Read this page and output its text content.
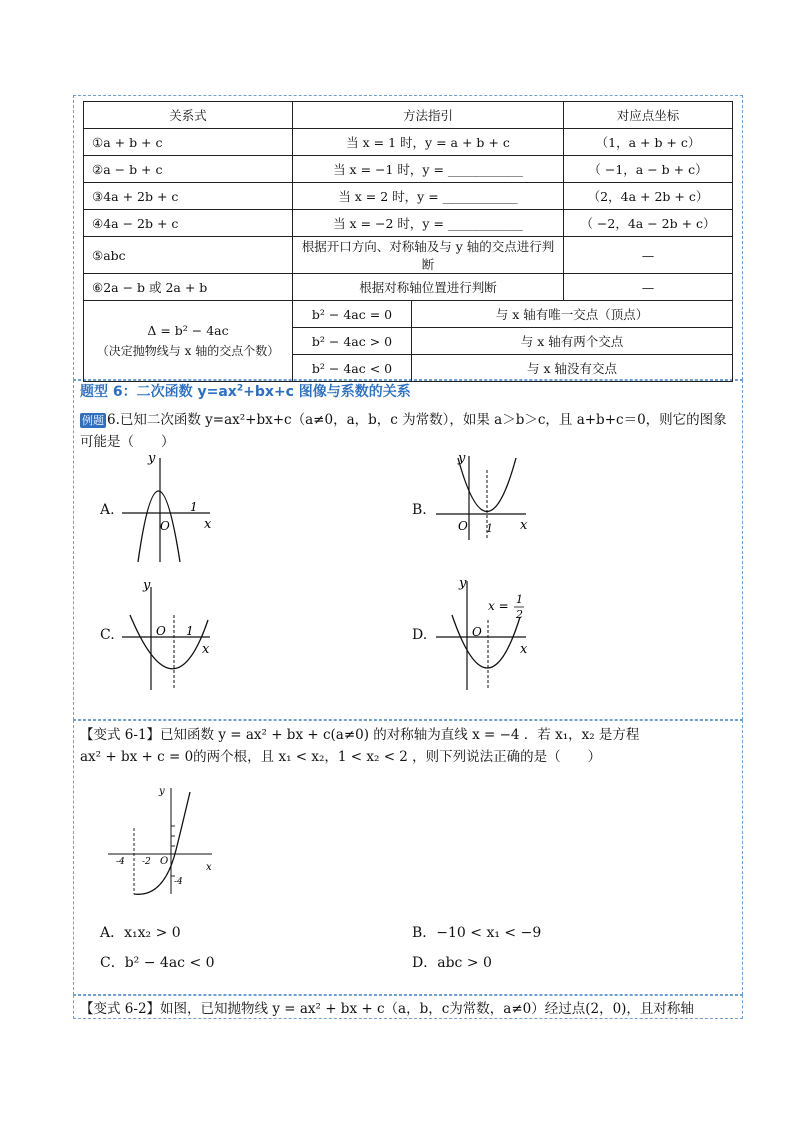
关系式	方法指引		对应点坐标
①a + b + c	当 x = 1 时，y = a + b + c		（1，a + b + c）
②a − b + c	当 x = −1 时，y = ____________		（ −1，a − b + c）
③4a + 2b + c	当 x = 2 时，y = ____________		（2，4a + 2b + c）
④4a − 2b + c	当 x = −2 时，y = ____________		（ −2，4a − 2b + c）
⑤abc	根据开口方向、对称轴及与 y 轴的交点进行判断		—
⑥2a − b 或 2a + b	根据对称轴位置进行判断		—

Δ = b² − 4ac
（决定抛物线与 x 轴的交点个数）	b² − 4ac = 0	与 x 轴有唯一交点（顶点）	
	b² − 4ac > 0	与 x 轴有两个交点	
	b² − 4ac < 0	与 x 轴没有交点	
题型 6：二次函数 $y=ax^2+bx+c$ 图像与系数的关系

例题 6.已知二次函数 y=ax²+bx+c（a≠0，a，b，c 为常数），如果 a＞b＞c，且 a+b+c＝0，则它的图象
可能是（　　）

A.	B.
C.	D.
y
x
O
1
y
x
O 1
y
x
O 1
y
x
O
x = 1
2

【变式 6-1】已知函数 y = ax² + bx + c(a≠0) 的对称轴为直线 x = −4 ．若 x₁，x₂ 是方程
ax² + bx + c = 0的两个根，且 x₁ < x₂，1 < x₂ < 2 ，则下列说法正确的是（　　）

y
x
O
-4 -2
-4
A．x₁x₂ > 0	B．−10 < x₁ < −9
C．b² − 4ac < 0	D．abc > 0

【变式 6-2】如图，已知抛物线 y = ax² + bx + c（a，b，c为常数，a≠0）经过点(2，0)，且对称轴
